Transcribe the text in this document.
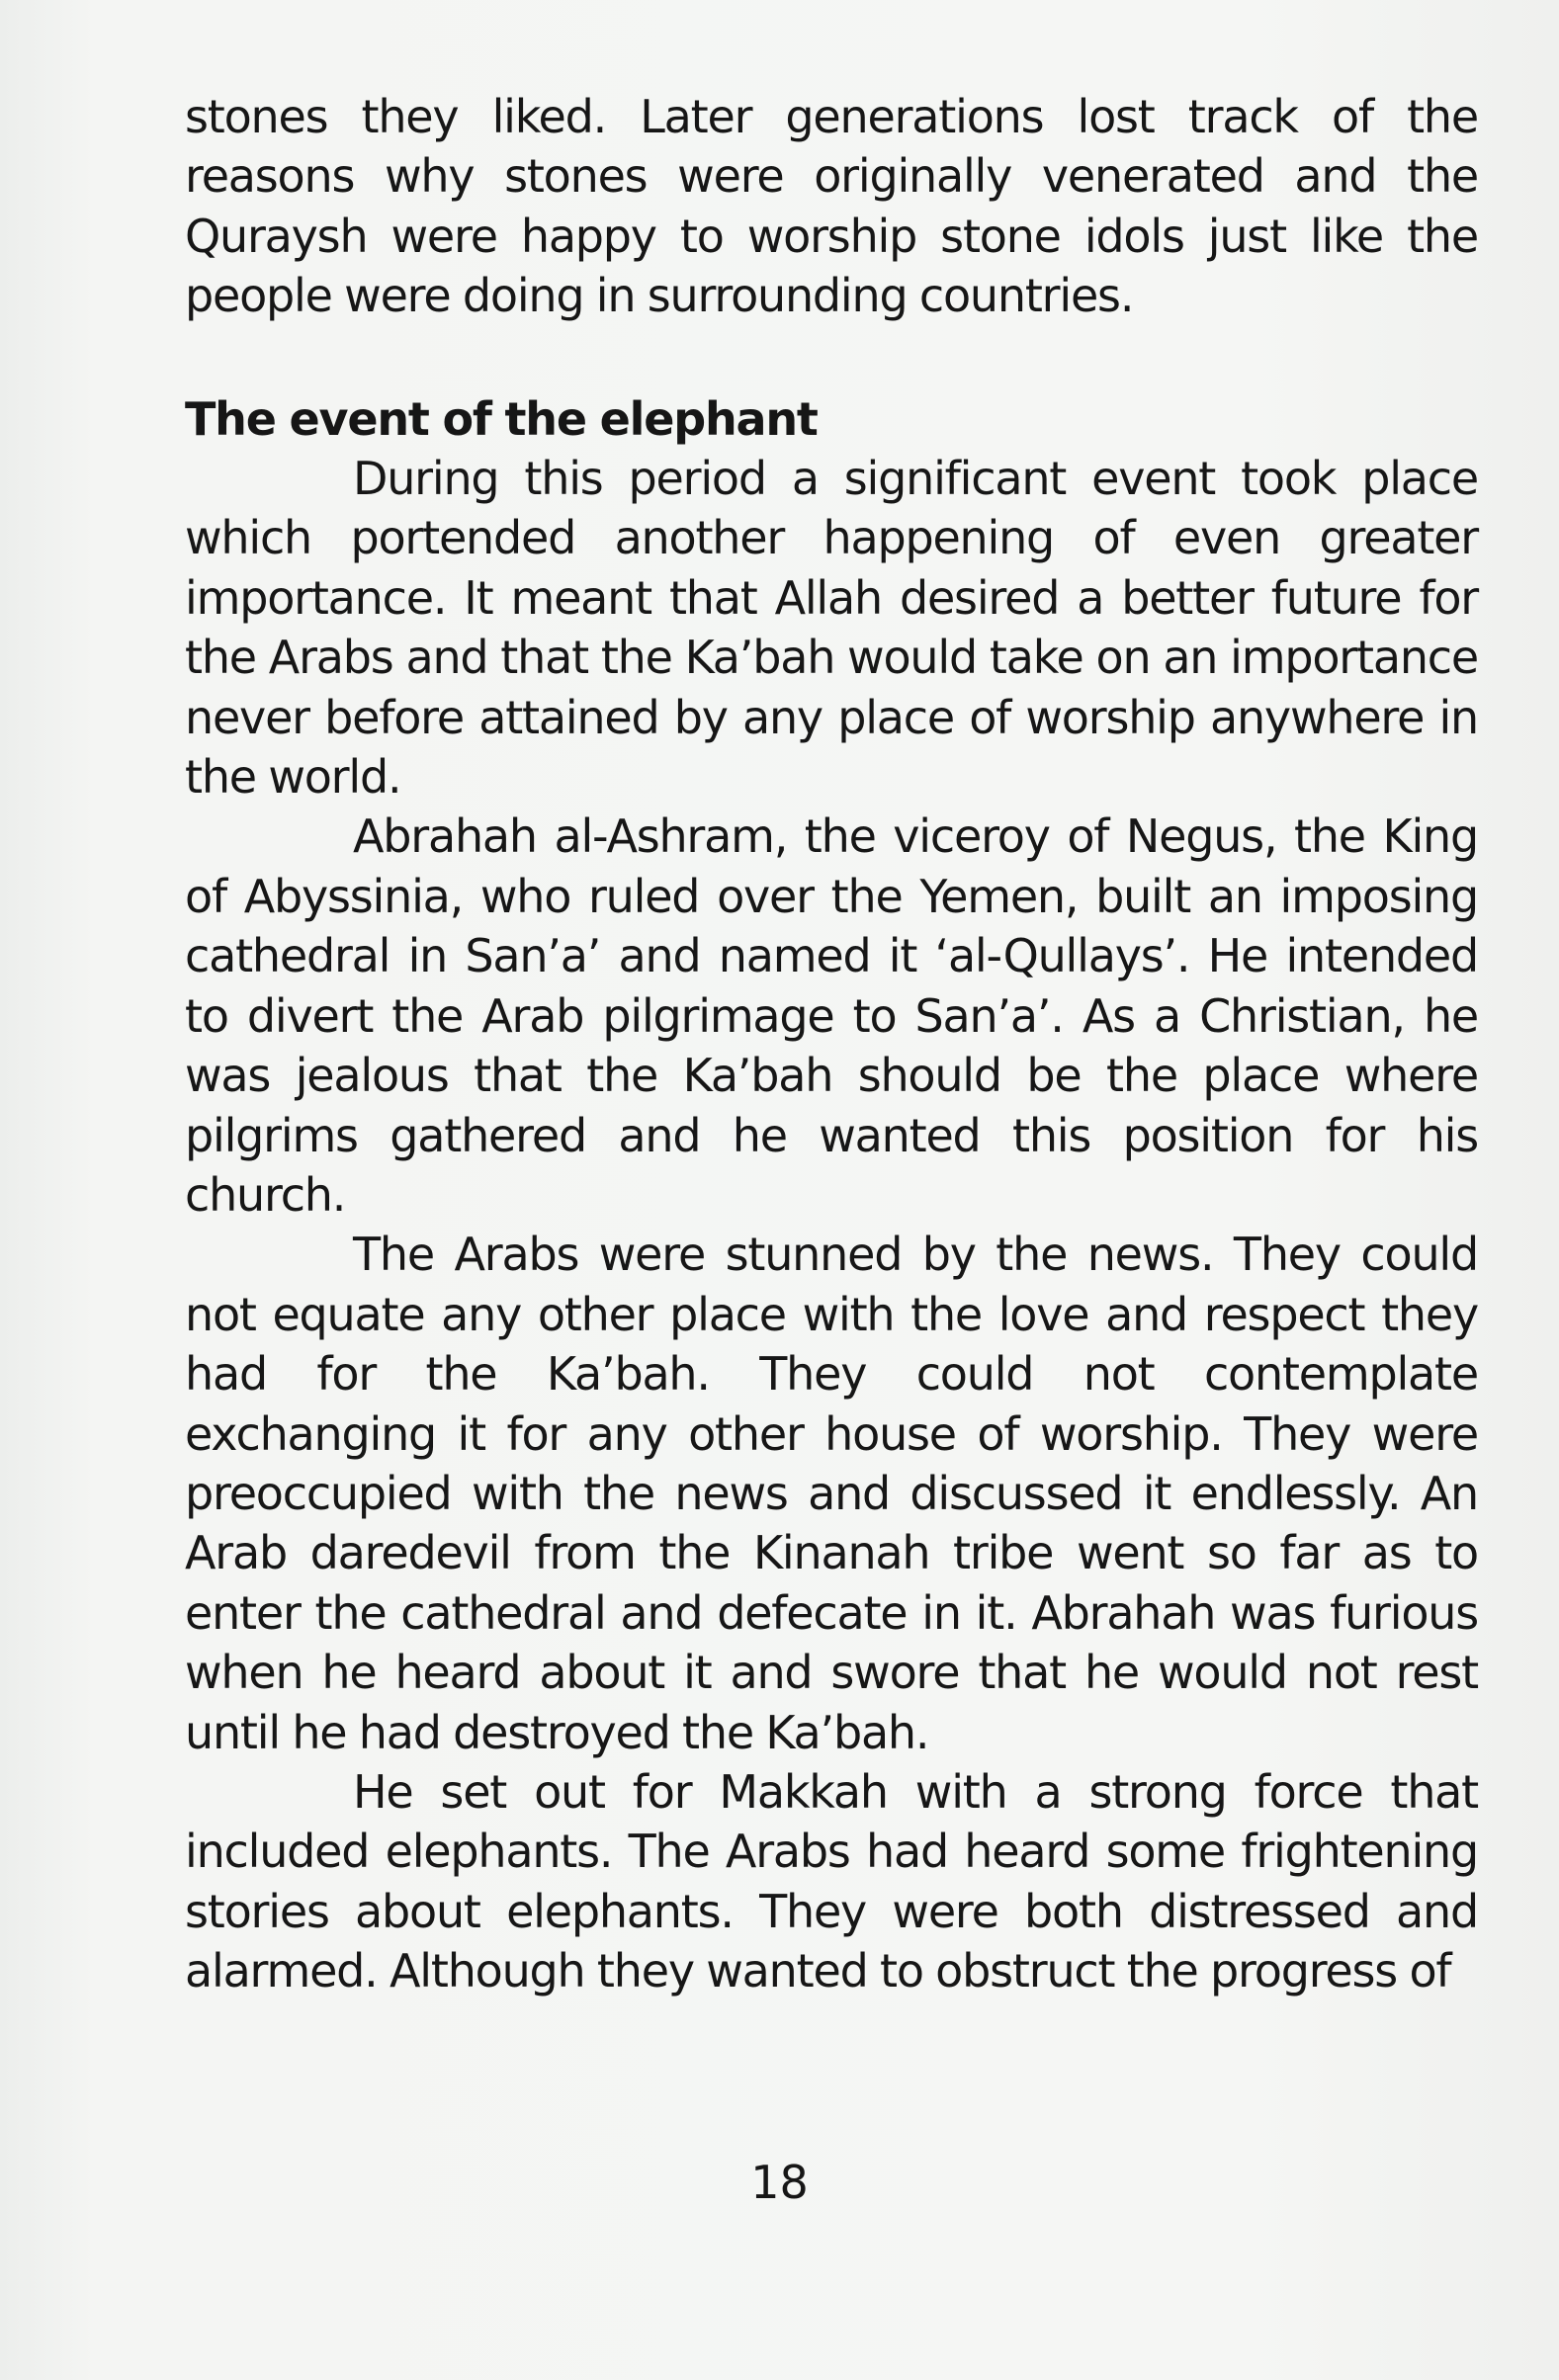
stones they liked. Later generations lost track of the reasons why stones were originally venerated and the Quraysh were happy to worship stone idols just like the people were doing in surrounding countries.

The event of the elephant

During this period a significant event took place which portended another happening of even greater importance. It meant that Allah desired a better future for the Arabs and that the Ka’bah would take on an importance never before attained by any place of worship anywhere in the world.

Abrahah al-Ashram, the viceroy of Negus, the King of Abyssinia, who ruled over the Yemen, built an imposing cathedral in San’a’ and named it ‘al-Qullays’. He intended to divert the Arab pilgrimage to San’a’. As a Christian, he was jealous that the Ka’bah should be the place where pilgrims gathered and he wanted this position for his church.

The Arabs were stunned by the news. They could not equate any other place with the love and respect they had for the Ka’bah. They could not contemplate exchanging it for any other house of worship. They were preoccupied with the news and discussed it endlessly. An Arab daredevil from the Kinanah tribe went so far as to enter the cathedral and defecate in it. Abrahah was furious when he heard about it and swore that he would not rest until he had destroyed the Ka’bah.

He set out for Makkah with a strong force that included elephants. The Arabs had heard some frightening stories about elephants. They were both distressed and alarmed. Although they wanted to obstruct the progress of

18
